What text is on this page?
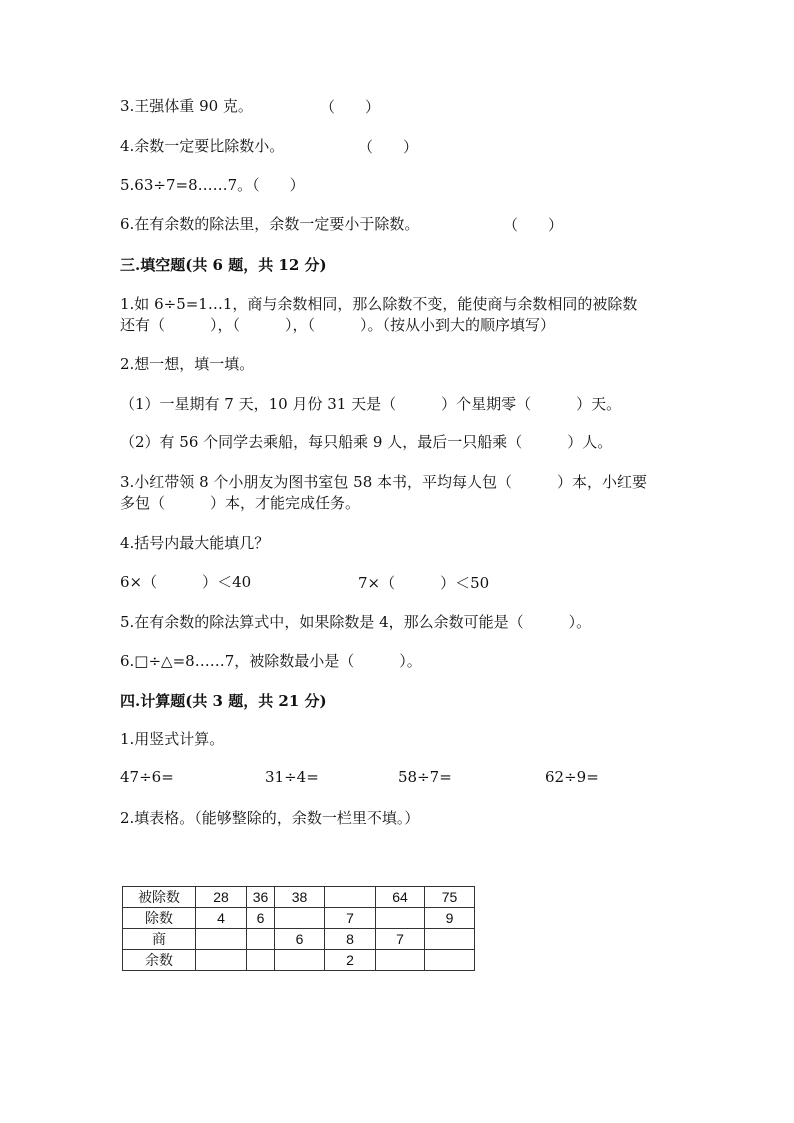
3.王强体重 90 克。	（　　）
4.余数一定要比除数小。	（　　）
5.63÷7=8……7。（　　）
6.在有余数的除法里，余数一定要小于除数。	（　　）
三.填空题(共 6 题，共 12 分)
1.如 6÷5=1…1，商与余数相同，那么除数不变，能使商与余数相同的被除数
还有（　　　），（　　　），（　　　）。（按从小到大的顺序填写）
2.想一想，填一填。
（1）一星期有 7 天，10 月份 31 天是（　　　）个星期零（　　　）天。
（2）有 56 个同学去乘船，每只船乘 9 人，最后一只船乘（　　　）人。
3.小红带领 8 个小朋友为图书室包 58 本书，平均每人包（　　　）本，小红要
多包（　　　）本，才能完成任务。
4.括号内最大能填几？
6×（　　　）＜40	7×（　　　）＜50
5.在有余数的除法算式中，如果除数是 4，那么余数可能是（　　　）。
6.□÷△=8……7，被除数最小是（　　　）。
四.计算题(共 3 题，共 21 分)
1.用竖式计算。
47÷6=	31÷4=	58÷7=	62÷9=
2.填表格。（能够整除的，余数一栏里不填。）
被除数	28	36	38		64	75
除数	4	6		7		9
商			6	8	7	
余数				2		
